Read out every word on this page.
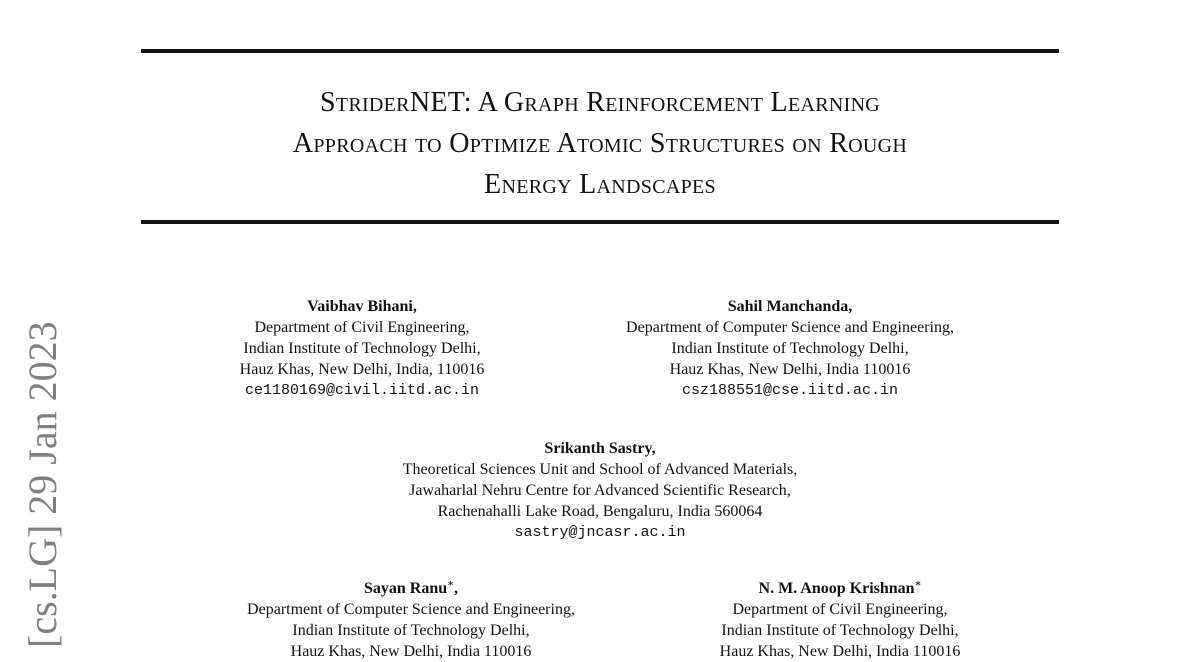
StriderNET: A Graph Reinforcement Learning
Approach to Optimize Atomic Structures on Rough
Energy Landscapes
Vaibhav Bihani,
Department of Civil Engineering,
Indian Institute of Technology Delhi,
Hauz Khas, New Delhi, India, 110016
ce1180169@civil.iitd.ac.in
Sahil Manchanda,
Department of Computer Science and Engineering,
Indian Institute of Technology Delhi,
Hauz Khas, New Delhi, India 110016
csz188551@cse.iitd.ac.in
Srikanth Sastry,
Theoretical Sciences Unit and School of Advanced Materials,
Jawaharlal Nehru Centre for Advanced Scientific Research,
Rachenahalli Lake Road, Bengaluru, India 560064
sastry@jncasr.ac.in
Sayan Ranu∗,
Department of Computer Science and Engineering,
Indian Institute of Technology Delhi,
Hauz Khas, New Delhi, India 110016
N. M. Anoop Krishnan∗
Department of Civil Engineering,
Indian Institute of Technology Delhi,
Hauz Khas, New Delhi, India 110016
[cs.LG] 29 Jan 2023
